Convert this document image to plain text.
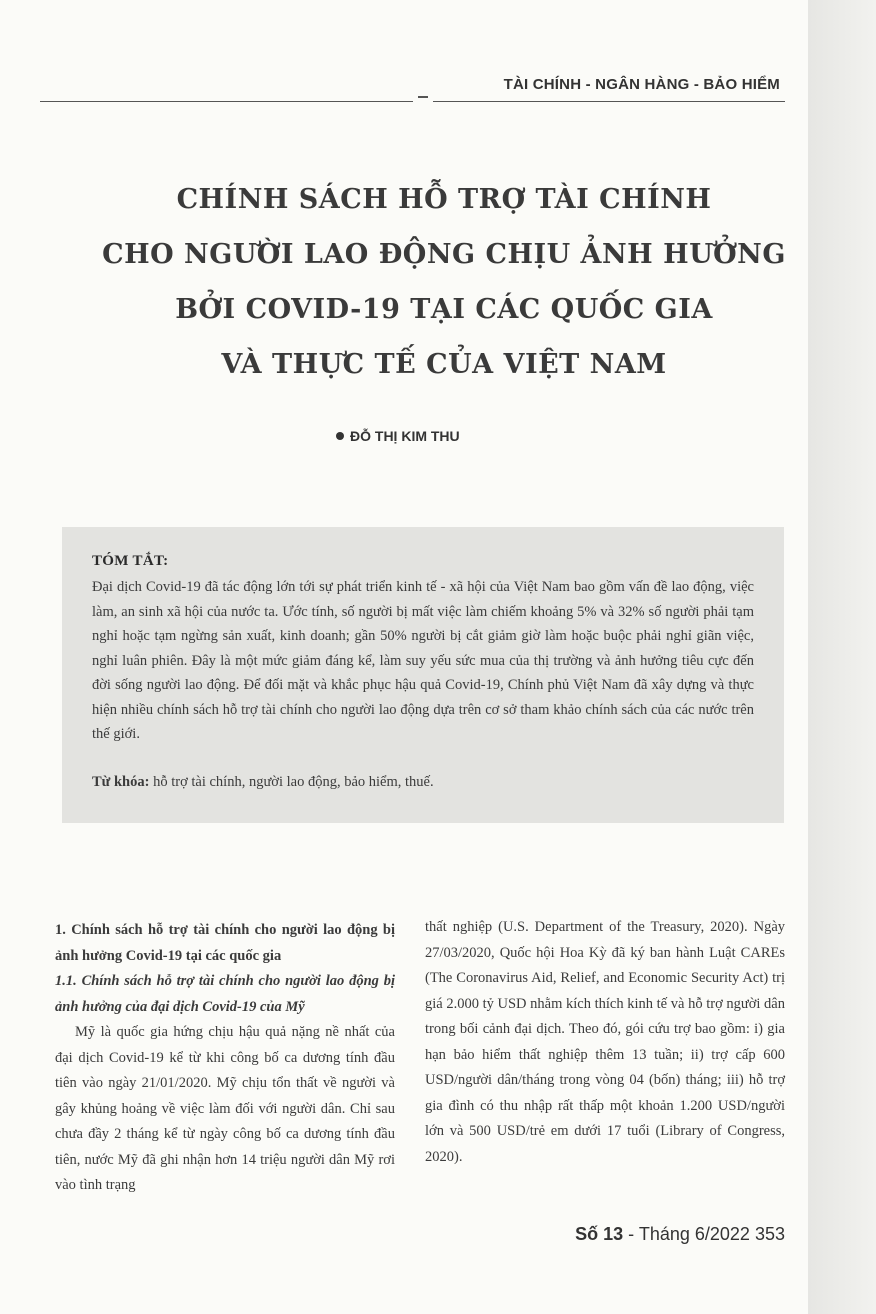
TÀI CHÍNH - NGÂN HÀNG - BẢO HIỂM
CHÍNH SÁCH HỖ TRỢ TÀI CHÍNH
CHO NGƯỜI LAO ĐỘNG CHỊU ẢNH HƯỞNG
BỞI COVID-19 TẠI CÁC QUỐC GIA
VÀ THỰC TẾ CỦA VIỆT NAM
ĐỖ THỊ KIM THU
TÓM TẮT:
Đại dịch Covid-19 đã tác động lớn tới sự phát triển kinh tế - xã hội của Việt Nam bao gồm vấn đề lao động, việc làm, an sinh xã hội của nước ta. Ước tính, số người bị mất việc làm chiếm khoảng 5% và 32% số người phải tạm nghỉ hoặc tạm ngừng sản xuất, kinh doanh; gần 50% người bị cắt giảm giờ làm hoặc buộc phải nghỉ giãn việc, nghỉ luân phiên. Đây là một mức giảm đáng kể, làm suy yếu sức mua của thị trường và ảnh hưởng tiêu cực đến đời sống người lao động. Để đối mặt và khắc phục hậu quả Covid-19, Chính phủ Việt Nam đã xây dựng và thực hiện nhiều chính sách hỗ trợ tài chính cho người lao động dựa trên cơ sở tham khảo chính sách của các nước trên thế giới.
Từ khóa: hỗ trợ tài chính, người lao động, bảo hiểm, thuế.

1. Chính sách hỗ trợ tài chính cho người lao động bị ảnh hưởng Covid-19 tại các quốc gia

1.1. Chính sách hỗ trợ tài chính cho người lao động bị ảnh hưởng của đại dịch Covid-19 của Mỹ

Mỹ là quốc gia hứng chịu hậu quả nặng nề nhất của đại dịch Covid-19 kể từ khi công bố ca dương tính đầu tiên vào ngày 21/01/2020. Mỹ chịu tổn thất về người và gây khủng hoảng về việc làm đối với người dân. Chỉ sau chưa đầy 2 tháng kể từ ngày công bố ca dương tính đầu tiên, nước Mỹ đã ghi nhận hơn 14 triệu người dân Mỹ rơi vào tình trạng

thất nghiệp (U.S. Department of the Treasury, 2020). Ngày 27/03/2020, Quốc hội Hoa Kỳ đã ký ban hành Luật CAREs (The Coronavirus Aid, Relief, and Economic Security Act) trị giá 2.000 tỷ USD nhằm kích thích kinh tế và hỗ trợ người dân trong bối cảnh đại dịch. Theo đó, gói cứu trợ bao gồm: i) gia hạn bảo hiểm thất nghiệp thêm 13 tuần; ii) trợ cấp 600 USD/người dân/tháng trong vòng 04 (bốn) tháng; iii) hỗ trợ gia đình có thu nhập rất thấp một khoản 1.200 USD/người lớn và 500 USD/trẻ em dưới 17 tuổi (Library of Congress, 2020).

Số 13 - Tháng 6/2022 353
